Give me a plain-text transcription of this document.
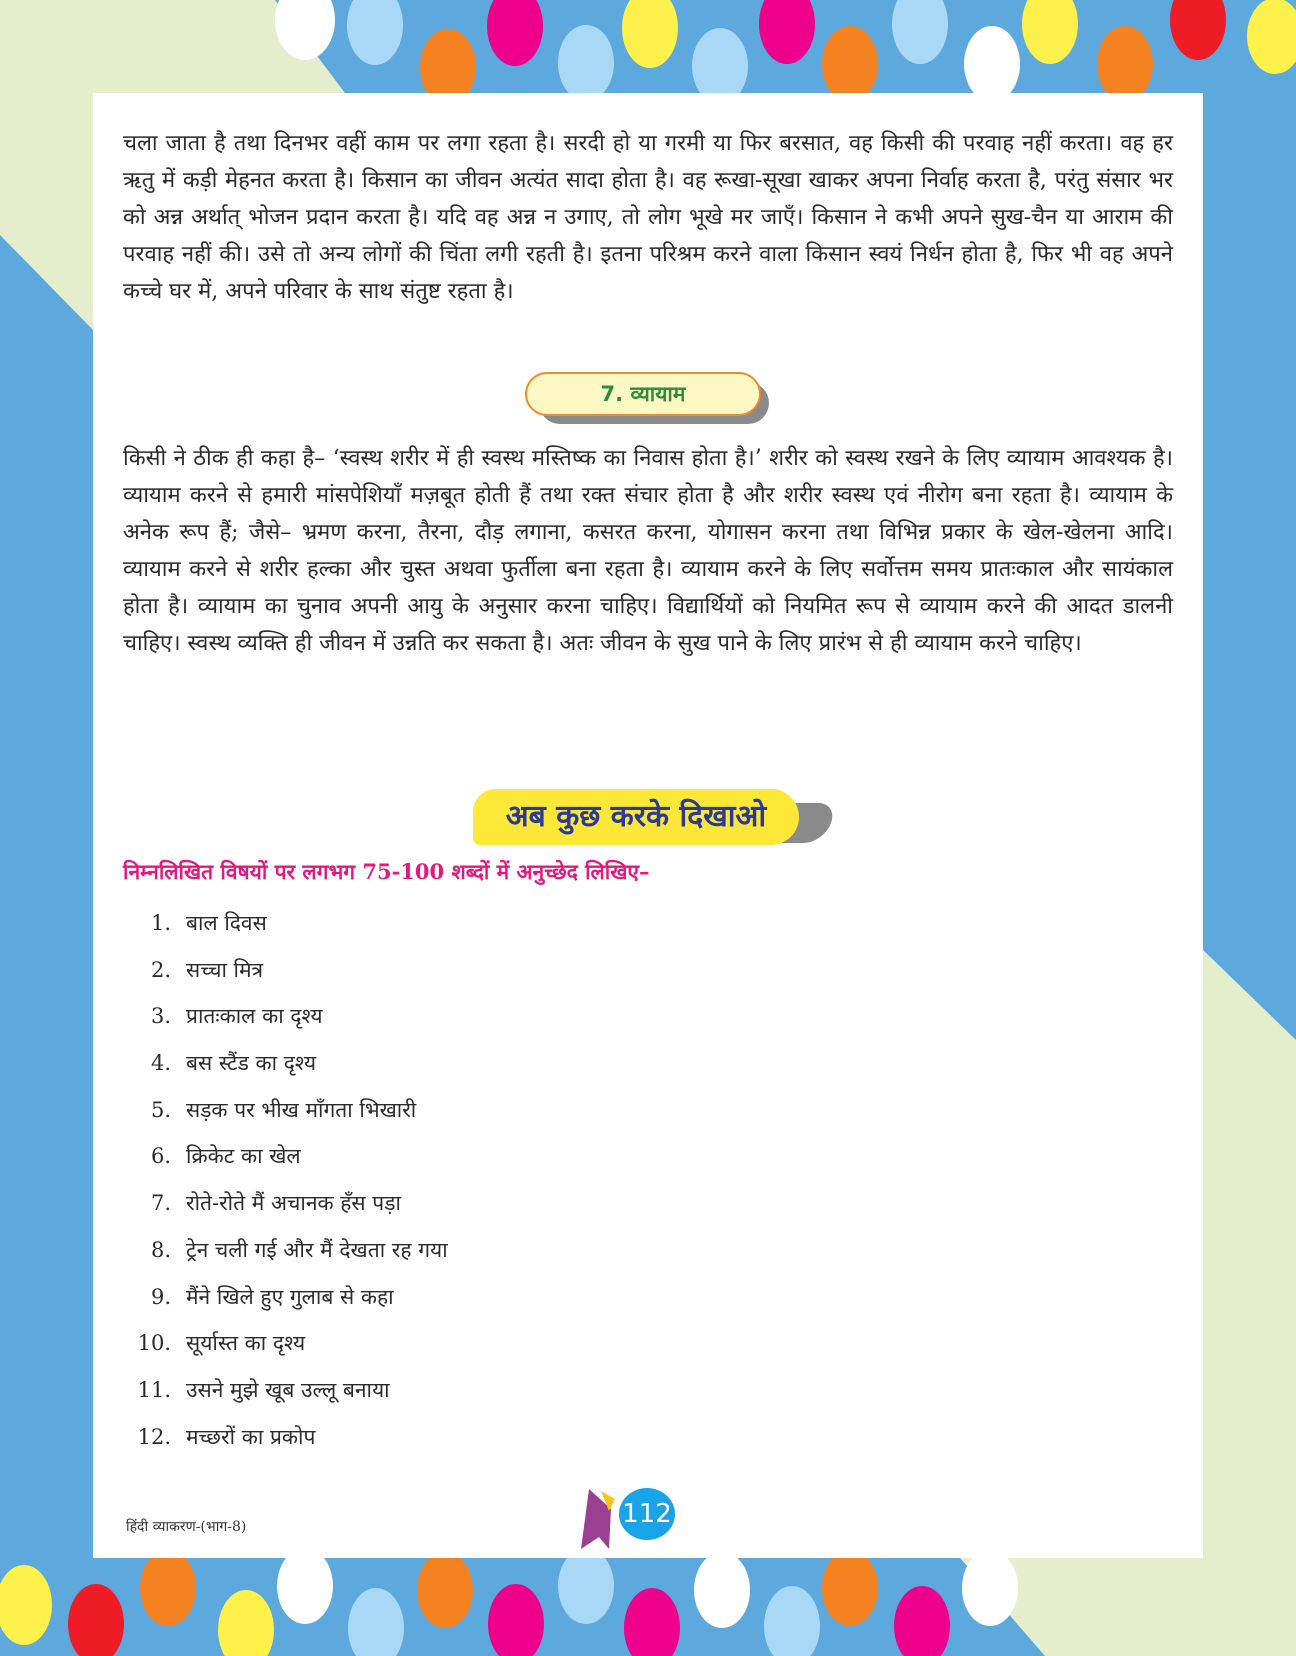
चला जाता है तथा दिनभर वहीं काम पर लगा रहता है। सरदी हो या गरमी या फिर बरसात, वह किसी की परवाह नहीं करता। वह हर ऋतु में कड़ी मेहनत करता है। किसान का जीवन अत्यंत सादा होता है। वह रूखा-सूखा खाकर अपना निर्वाह करता है, परंतु संसार भर को अन्न अर्थात् भोजन प्रदान करता है। यदि वह अन्न न उगाए, तो लोग भूखे मर जाएँ। किसान ने कभी अपने सुख-चैन या आराम की परवाह नहीं की। उसे तो अन्य लोगों की चिंता लगी रहती है। इतना परिश्रम करने वाला किसान स्वयं निर्धन होता है, फिर भी वह अपने कच्चे घर में, अपने परिवार के साथ संतुष्ट रहता है।

7. व्यायाम

किसी ने ठीक ही कहा है– ‘स्वस्थ शरीर में ही स्वस्थ मस्तिष्क का निवास होता है।’ शरीर को स्वस्थ रखने के लिए व्यायाम आवश्यक है। व्यायाम करने से हमारी मांसपेशियाँ मज़बूत होती हैं तथा रक्त संचार होता है और शरीर स्वस्थ एवं नीरोग बना रहता है। व्यायाम के अनेक रूप हैं; जैसे– भ्रमण करना, तैरना, दौड़ लगाना, कसरत करना, योगासन करना तथा विभिन्न प्रकार के खेल-खेलना आदि। व्यायाम करने से शरीर हल्का और चुस्त अथवा फुर्तीला बना रहता है। व्यायाम करने के लिए सर्वोत्तम समय प्रातःकाल और सायंकाल होता है। व्यायाम का चुनाव अपनी आयु के अनुसार करना चाहिए। विद्यार्थियों को नियमित रूप से व्यायाम करने की आदत डालनी चाहिए। स्वस्थ व्यक्ति ही जीवन में उन्नति कर सकता है। अतः जीवन के सुख पाने के लिए प्रारंभ से ही व्यायाम करने चाहिए।

अब कुछ करके दिखाओ
निम्नलिखित विषयों पर लगभग 75-100 शब्दों में अनुच्छेद लिखिए–
1. बाल दिवस
2. सच्चा मित्र
3. प्रातःकाल का दृश्य
4. बस स्टैंड का दृश्य
5. सड़क पर भीख माँगता भिखारी
6. क्रिकेट का खेल
7. रोते-रोते मैं अचानक हँस पड़ा
8. ट्रेन चली गई और मैं देखता रह गया
9. मैंने खिले हुए गुलाब से कहा
10. सूर्यास्त का दृश्य
11. उसने मुझे खूब उल्लू बनाया
12. मच्छरों का प्रकोप
हिंदी व्याकरण-(भाग-8)	112
